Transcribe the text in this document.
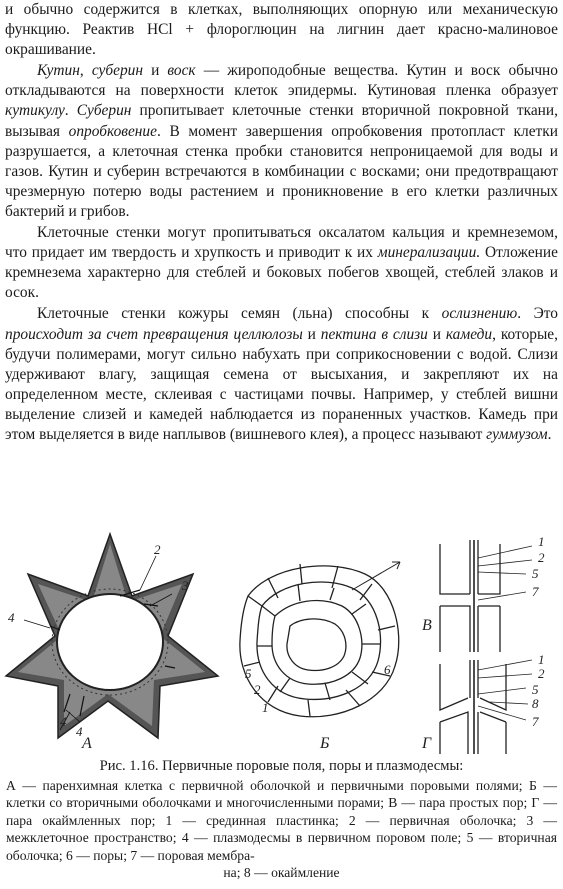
и обычно содержится в клетках, выполняющих опорную или механическую функцию. Реактив HCl + флороглюцин на лигнин дает красно-малиновое окрашивание.

Кутин, суберин и воск — жироподобные вещества. Кутин и воск обычно откладываются на поверхности клеток эпидермы. Кутиновая пленка образует кутикулу. Суберин пропитывает клеточные стенки вторичной покровной ткани, вызывая опробковение. В момент завершения опробковения протопласт клетки разрушается, а клеточная стенка пробки становится непроницаемой для воды и газов. Кутин и суберин встречаются в комбинации с восками; они предотвращают чрезмерную потерю воды растением и проникновение в его клетки различных бактерий и грибов.

Клеточные стенки могут пропитываться оксалатом кальция и кремнеземом, что придает им твердость и хрупкость и приводит к их минерализации. Отложение кремнезема характерно для стеблей и боковых побегов хвощей, стеблей злаков и осок.

Клеточные стенки кожуры семян (льна) способны к ослизнению. Это происходит за счет превращения целлюлозы и пектина в слизи и камеди, которые, будучи полимерами, могут сильно набухать при соприкосновении с водой. Слизи удерживают влагу, защищая семена от высыхания, и закрепляют их на определенном месте, склеивая с частицами почвы. Например, у стеблей вишни выделение слизей и камедей наблюдается из пораненных участков. Камедь при этом выделяется в виде наплывов (вишневого клея), а процесс называют гуммузом.

2
3
4
4
4
А
5
2
1
6
Б
1
2
5
7
В
1
2
5
8
7
Г
Рис. 1.16. Первичные поровые поля, поры и плазмодесмы:
А — паренхимная клетка с первичной оболочкой и первичными поровыми полями; Б — клетки со вторичными оболочками и многочисленными порами; В — пара простых пор; Г — пара окаймленных пор; 1 — срединная пластинка; 2 — первичная оболочка; 3 — межклеточное пространство; 4 — плазмодесмы в первичном поровом поле; 5 — вторичная оболочка; 6 — поры; 7 — поровая мембра-
на; 8 — окаймление
